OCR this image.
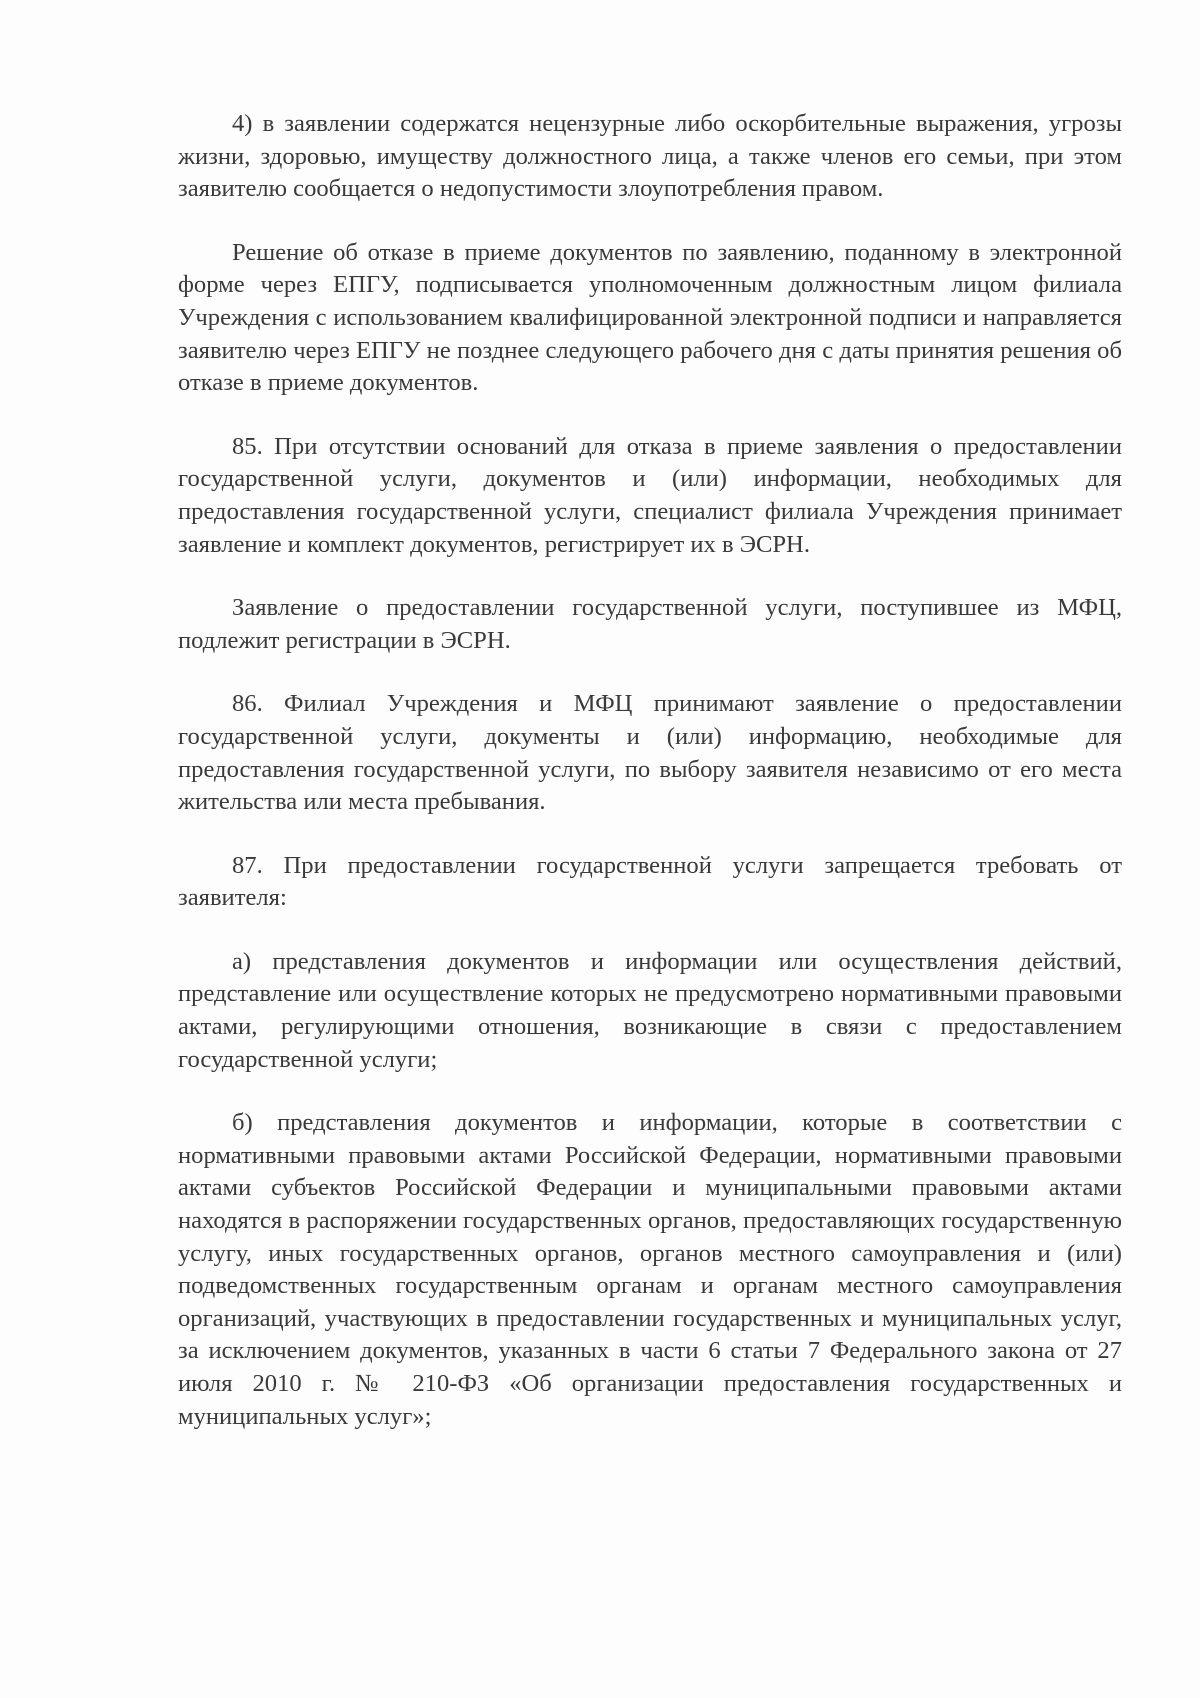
4) в заявлении содержатся нецензурные либо оскорбительные выражения, угрозы жизни, здоровью, имуществу должностного лица, а также членов его семьи, при этом заявителю сообщается о недопустимости злоупотребления правом.

Решение об отказе в приеме документов по заявлению, поданному в электронной форме через ЕПГУ, подписывается уполномоченным должностным лицом филиала Учреждения с использованием квалифицированной электронной подписи и направляется заявителю через ЕПГУ не позднее следующего рабочего дня с даты принятия решения об отказе в приеме документов.

85. При отсутствии оснований для отказа в приеме заявления о предоставлении государственной услуги, документов и (или) информации, необходимых для предоставления государственной услуги, специалист филиала Учреждения принимает заявление и комплект документов, регистрирует их в ЭСРН.

Заявление о предоставлении государственной услуги, поступившее из МФЦ, подлежит регистрации в ЭСРН.

86. Филиал Учреждения и МФЦ принимают заявление о предоставлении государственной услуги, документы и (или) информацию, необходимые для предоставления государственной услуги, по выбору заявителя независимо от его места жительства или места пребывания.

87. При предоставлении государственной услуги запрещается требовать от заявителя:

а) представления документов и информации или осуществления действий, представление или осуществление которых не предусмотрено нормативными правовыми актами, регулирующими отношения, возникающие в связи с предоставлением государственной услуги;

б) представления документов и информации, которые в соответствии с нормативными правовыми актами Российской Федерации, нормативными правовыми актами субъектов Российской Федерации и муниципальными правовыми актами находятся в распоряжении государственных органов, предоставляющих государственную услугу, иных государственных органов, органов местного самоуправления и (или) подведомственных государственным органам и органам местного самоуправления организаций, участвующих в предоставлении государственных и муниципальных услуг, за исключением документов, указанных в части 6 статьи 7 Федерального закона от 27 июля 2010 г. № 210-ФЗ «Об организации предоставления государственных и муниципальных услуг»;
